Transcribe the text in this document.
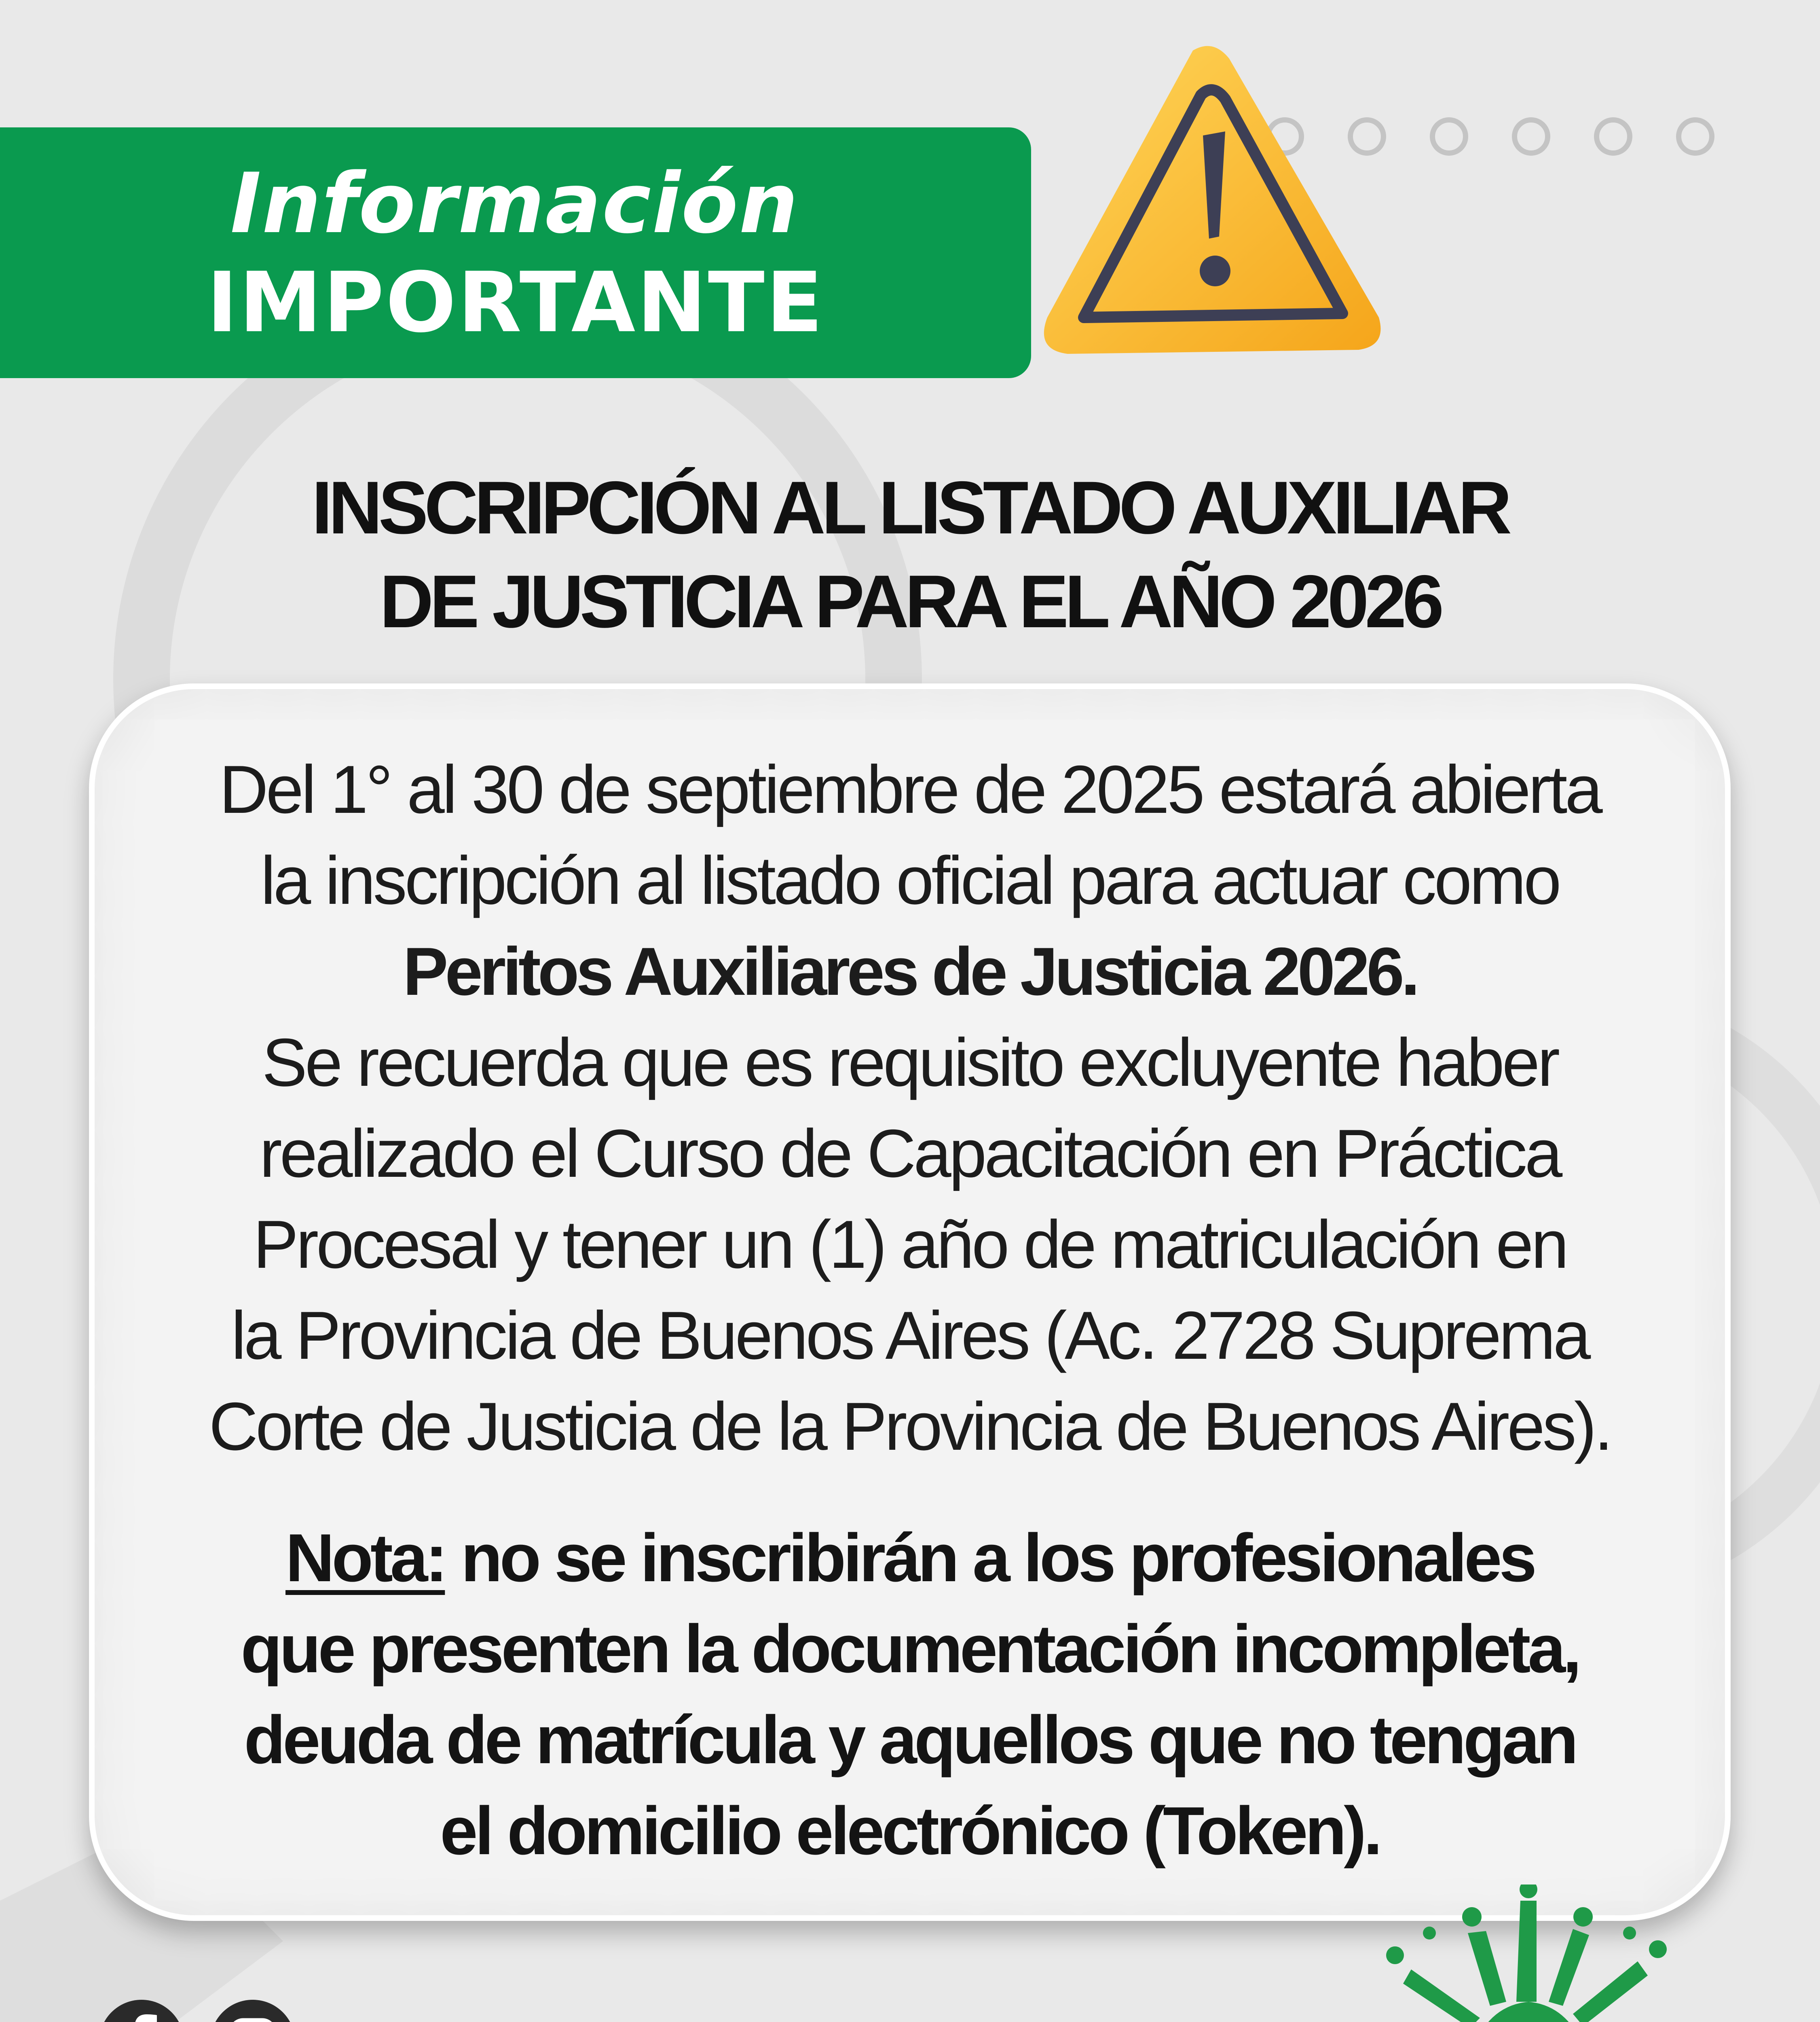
Información
IMPORTANTE
INSCRIPCIÓN AL LISTADO AUXILIAR
DE JUSTICIA PARA EL AÑO 2026
Del 1° al 30 de septiembre de 2025 estará abierta
la inscripción al listado oficial para actuar como
Peritos Auxiliares de Justicia 2026.
Se recuerda que es requisito excluyente haber
realizado el Curso de Capacitación en Práctica
Procesal y tener un (1) año de matriculación en
la Provincia de Buenos Aires (Ac. 2728 Suprema
Corte de Justicia de la Provincia de Buenos Aires).
Nota: no se inscribirán a los profesionales
que presenten la documentación incompleta,
deuda de matrícula y aquellos que no tengan
el domicilio electrónico (Token).
